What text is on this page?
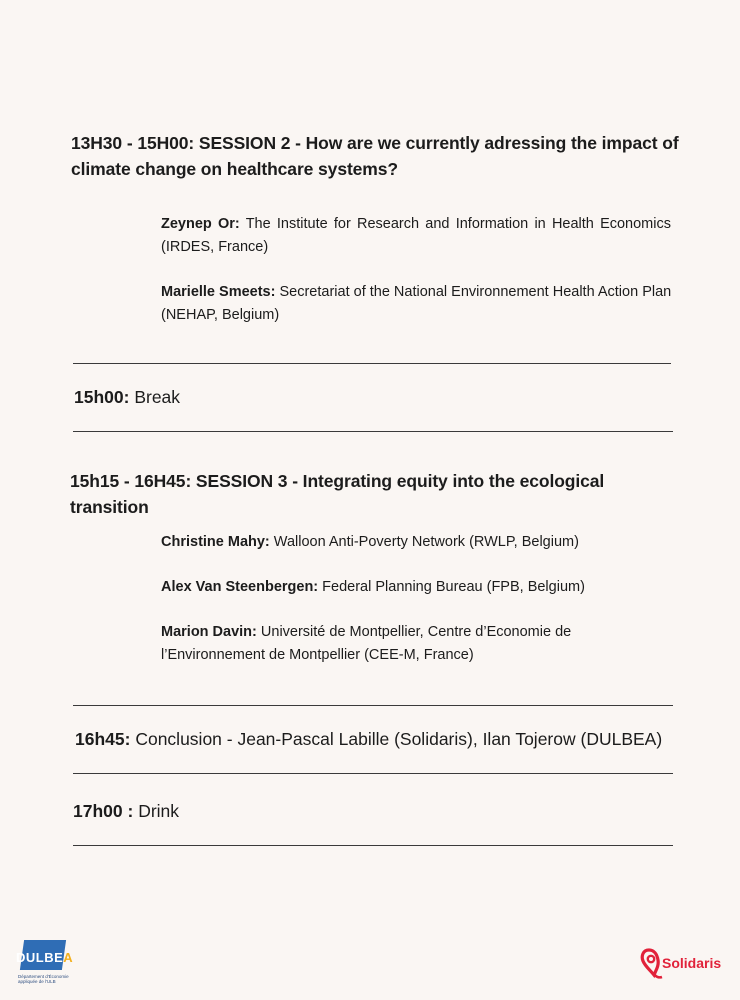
13H30 - 15H00: SESSION 2 - How are we currently adressing the impact of climate change on healthcare systems?
Zeynep Or: The Institute for Research and Information in Health Economics (IRDES, France)
Marielle Smeets: Secretariat of the National Environnement Health Action Plan (NEHAP, Belgium)
15h00: Break
15h15 - 16H45: SESSION 3 - Integrating equity into the ecological transition
Christine Mahy: Walloon Anti-Poverty Network (RWLP, Belgium)
Alex Van Steenbergen: Federal Planning Bureau (FPB, Belgium)
Marion Davin: Université de Montpellier, Centre d’Economie de l’Environnement de Montpellier (CEE-M, France)
16h45: Conclusion - Jean-Pascal Labille (Solidaris), Ilan Tojerow (DULBEA)
17h00 : Drink
DULBEA
Département d'Économie appliquée de l'ULB
Solidaris
